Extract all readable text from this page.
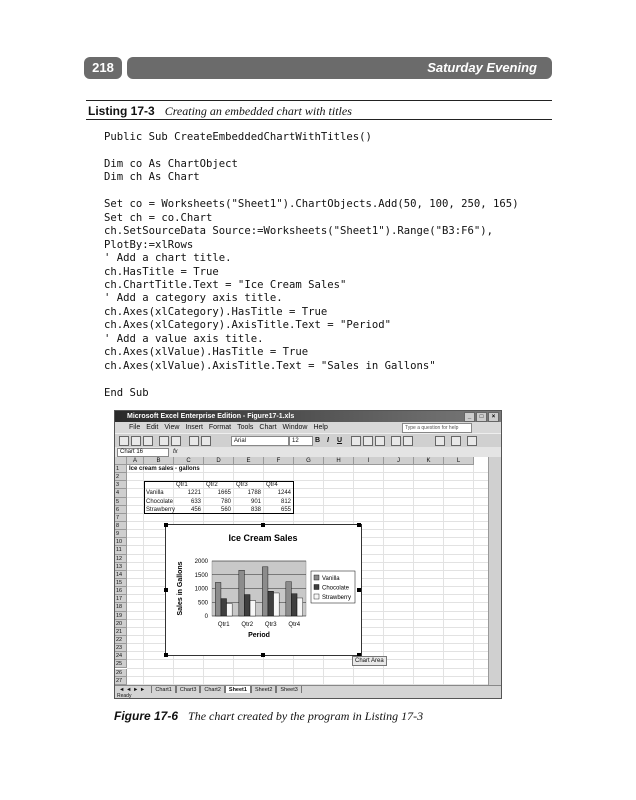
218	Saturday Evening
Listing 17-3 Creating an embedded chart with titles
Public Sub CreateEmbeddedChartWithTitles()

Dim co As ChartObject
Dim ch As Chart

Set co = Worksheets("Sheet1").ChartObjects.Add(50, 100, 250, 165)
Set ch = co.Chart
ch.SetSourceData Source:=Worksheets("Sheet1").Range("B3:F6"),
PlotBy:=xlRows
' Add a chart title.
ch.HasTitle = True
ch.ChartTitle.Text = "Ice Cream Sales"
' Add a category axis title.
ch.Axes(xlCategory).HasTitle = True
ch.Axes(xlCategory).AxisTitle.Text = "Period"
' Add a value axis title.
ch.Axes(xlValue).HasTitle = True
ch.Axes(xlValue).AxisTitle.Text = "Sales in Gallons"

End Sub
Microsoft Excel Enterprise Edition - Figure17-1.xls	_ □ ×
File Edit View Insert Format Tools Chart Window Help	Type a question for help
Arial	12	B I U
Chart 16	fx
A	B	C	D	E	F	G	H	I	J	K	L
1
2
3
4
5
6
7
8
9
10
11
12
13
14
15
16
17
18
19
20
21
22
23
24
25
26
27
Ice cream sales - gallons
Qtr1	Qtr2	Qtr3	Qtr4
Vanilla	1221	1665	1788	1244
Chocolate	633	780	901	812
Strawberry	456	560	838	655
Ice Cream Sales
0
500
1000
1500
2000
Qtr1 Qtr2 Qtr3 Qtr4
Period
Sales in Gallons	Vanilla
Chocolate
Strawberry
Chart Area
◄ ◄ ► ► Chart1 Chart3 Chart2 Sheet1 Sheet2 Sheet3
Ready
Figure 17-6 The chart created by the program in Listing 17-3
